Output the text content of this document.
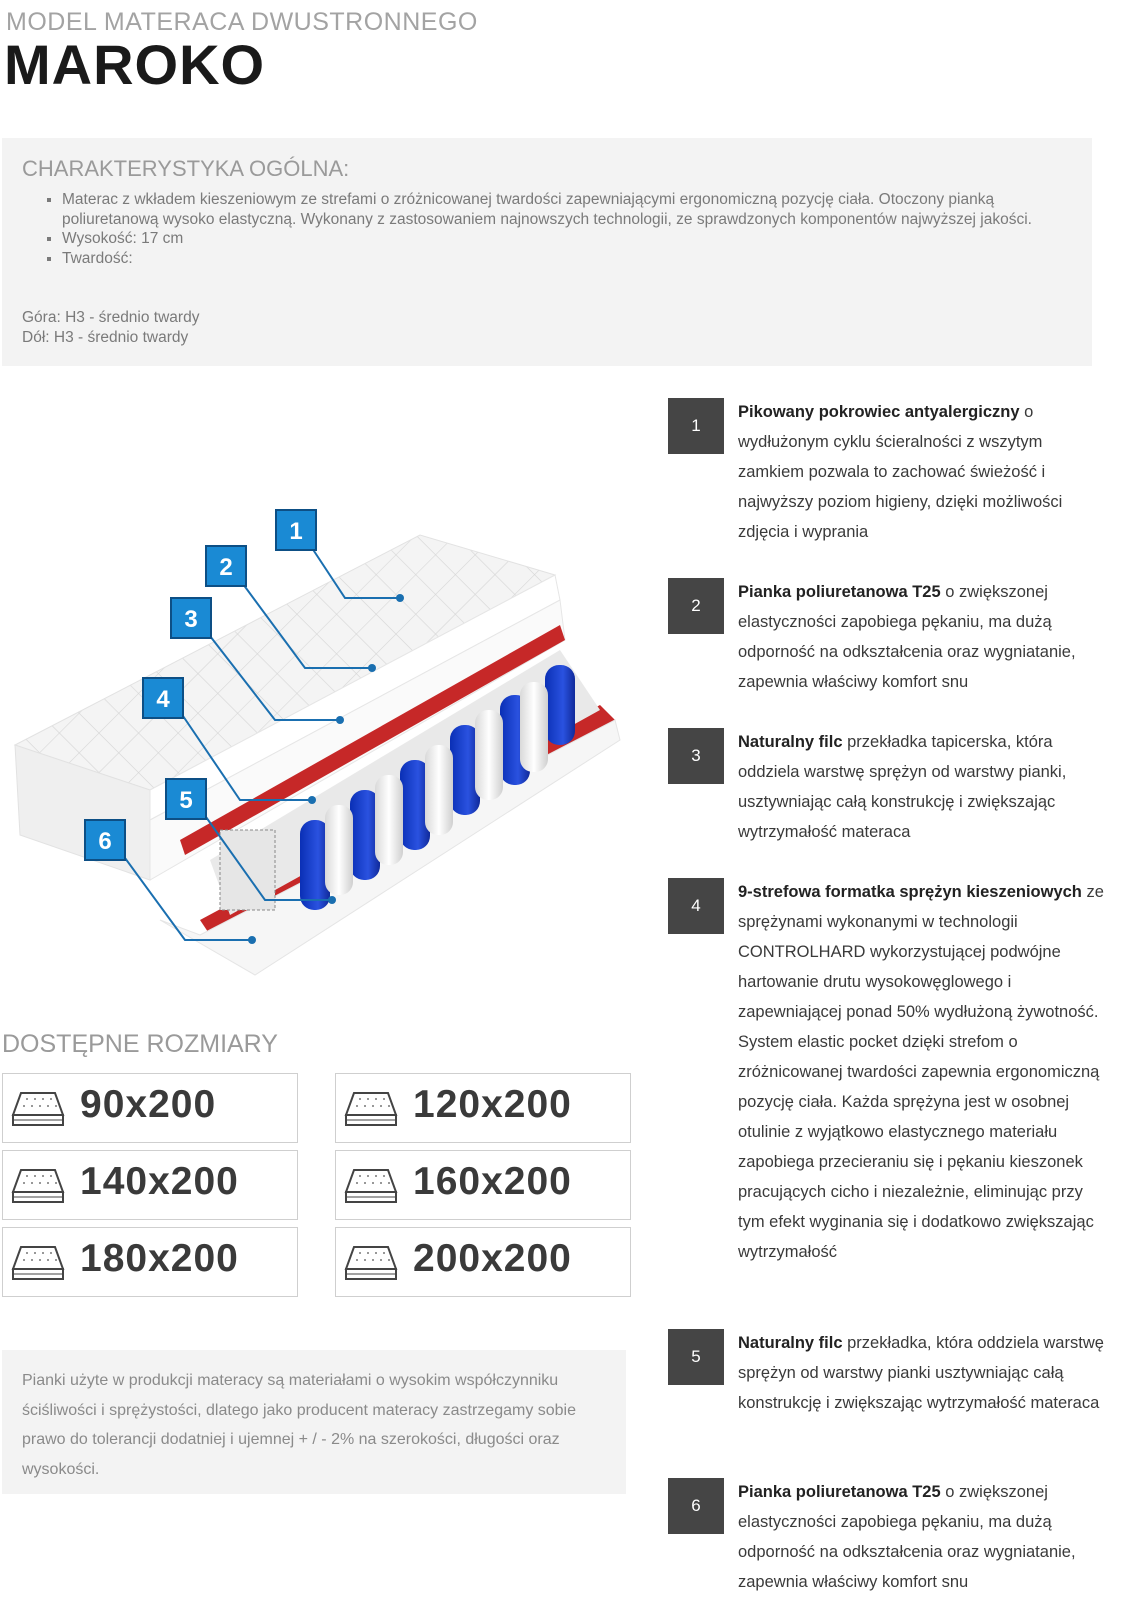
MODEL MATERACA DWUSTRONNEGO
MAROKO
CHARAKTERYSTYKA OGÓLNA:
▪ Materac z wkładem kieszeniowym ze strefami o zróżnicowanej twardości zapewniającymi ergonomiczną pozycję ciała. Otoczony pianką poliuretanową wysoko elastyczną. Wykonany z zastosowaniem najnowszych technologii, ze sprawdzonych komponentów najwyższej jakości.
▪ Wysokość: 17 cm
▪ Twardość:
Góra: H3 - średnio twardy
Dół: H3 - średnio twardy
1
2
3
4
5
6
DOSTĘPNE ROZMIARY
90x200	120x200
140x200	160x200
180x200	200x200
Pianki użyte w produkcji materacy są materiałami o wysokim współczynniku ściśliwości i sprężystości, dlatego jako producent materacy zastrzegamy sobie prawo do tolerancji dodatniej i ujemnej + / - 2% na szerokości, długości oraz wysokości.
1
Pikowany pokrowiec antyalergiczny o wydłużonym cyklu ścieralności z wszytym zamkiem pozwala to zachować świeżość i najwyższy poziom higieny, dzięki możliwości zdjęcia i wyprania
2
Pianka poliuretanowa T25 o zwiększonej elastyczności zapobiega pękaniu, ma dużą odporność na odkształcenia oraz wygniatanie, zapewnia właściwy komfort snu
3
Naturalny filc przekładka tapicerska, która oddziela warstwę sprężyn od warstwy pianki, usztywniając całą konstrukcję i zwiększając wytrzymałość materaca
4
9-strefowa formatka sprężyn kieszeniowych ze sprężynami wykonanymi w technologii CONTROLHARD wykorzystującej podwójne hartowanie drutu wysokowęglowego i zapewniającej ponad 50% wydłużoną żywotność. System elastic pocket dzięki strefom o zróżnicowanej twardości zapewnia ergonomiczną pozycję ciała. Każda sprężyna jest w osobnej otulinie z wyjątkowo elastycznego materiału zapobiega przecieraniu się i pękaniu kieszonek pracujących cicho i niezależnie, eliminując przy tym efekt wyginania się i dodatkowo zwiększając wytrzymałość
5
Naturalny filc przekładka, która oddziela warstwę sprężyn od warstwy pianki usztywniając całą konstrukcję i zwiększając wytrzymałość materaca
6
Pianka poliuretanowa T25 o zwiększonej elastyczności zapobiega pękaniu, ma dużą odporność na odkształcenia oraz wygniatanie, zapewnia właściwy komfort snu
